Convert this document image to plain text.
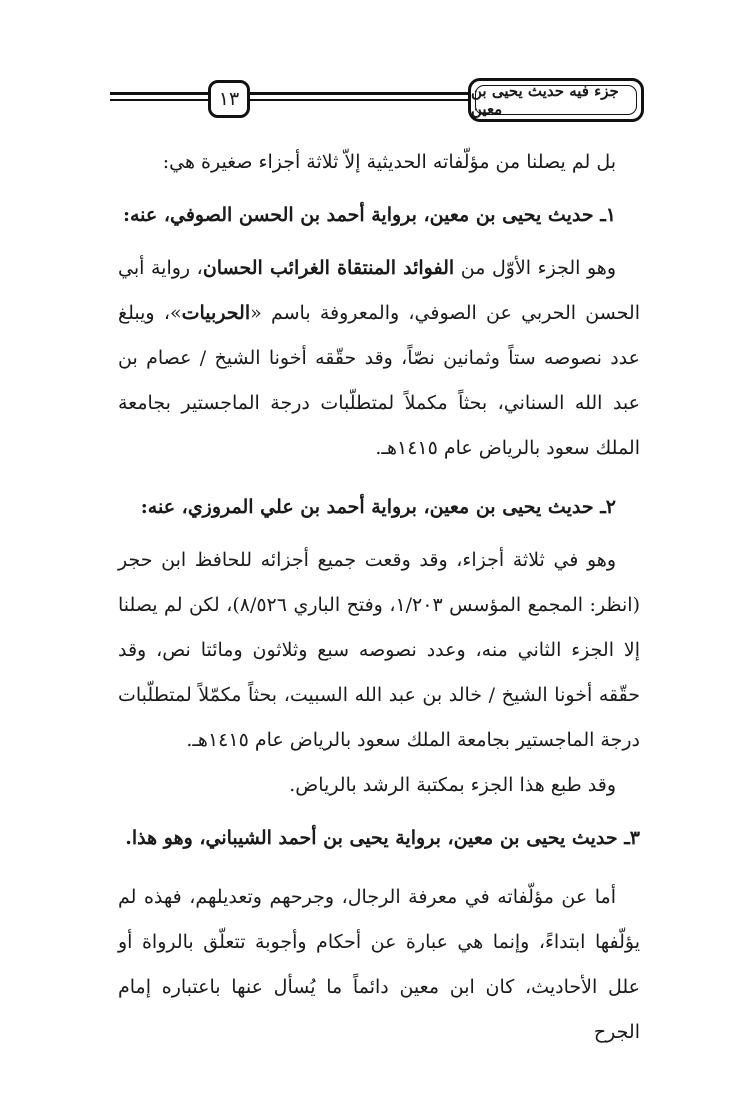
١٣	جزء فيه حديث يحيى بن معين

بل لم يصلنا من مؤلّفاته الحديثية إلاّ ثلاثة أجزاء صغيرة هي:

١ـ حديث يحيى بن معين، برواية أحمد بن الحسن الصوفي، عنه:

وهو الجزء الأوّل من الفوائد المنتقاة الغرائب الحسان، رواية أبي الحسن الحربي عن الصوفي، والمعروفة باسم «الحربيات»، ويبلغ عدد نصوصه ستاً وثمانين نصّاً، وقد حقّقه أخونا الشيخ / عصام بن عبد الله السناني، بحثاً مكملاً لمتطلّبات درجة الماجستير بجامعة الملك سعود بالرياض عام ١٤١٥هـ.

٢ـ حديث يحيى بن معين، برواية أحمد بن علي المروزي، عنه:

وهو في ثلاثة أجزاء، وقد وقعت جميع أجزائه للحافظ ابن حجر (انظر: المجمع المؤسس ١/٢٠٣، وفتح الباري ٨/٥٢٦)، لكن لم يصلنا إلا الجزء الثاني منه، وعدد نصوصه سبع وثلاثون ومائتا نص، وقد حقّقه أخونا الشيخ / خالد بن عبد الله السبيت، بحثاً مكمّلاً لمتطلّبات درجة الماجستير بجامعة الملك سعود بالرياض عام ١٤١٥هـ.

وقد طبع هذا الجزء بمكتبة الرشد بالرياض.

٣ـ حديث يحيى بن معين، برواية يحيى بن أحمد الشيباني، وهو هذا.

أما عن مؤلّفاته في معرفة الرجال، وجرحهم وتعديلهم، فهذه لم يؤلّفها ابتداءً، وإنما هي عبارة عن أحكام وأجوبة تتعلّق بالرواة أو علل الأحاديث، كان ابن معين دائماً ما يُسأل عنها باعتباره إمام الجرح
